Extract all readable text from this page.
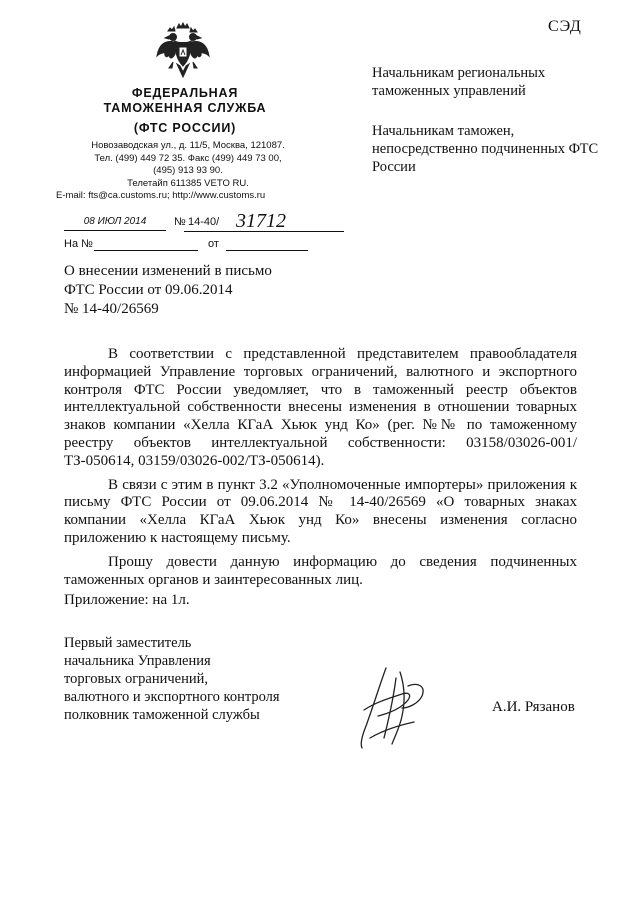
СЭД
ФЕДЕРАЛЬНАЯ
ТАМОЖЕННАЯ СЛУЖБА
(ФТС РОССИИ)
Новозаводская ул., д. 11/5, Москва, 121087.
Тел. (499) 449 72 35. Факс (499) 449 73 00,
(495) 913 93 90.
Телетайп 611385 VETO RU.
E-mail: fts@ca.customs.ru; http://www.customs.ru
08 ИЮЛ 2014	№ 14-40/ 31712
На №	от

Начальникам региональных таможенных управлений

Начальникам таможен, непосредственно подчиненных ФТС России

О внесении изменений в письмо
ФТС России от 09.06.2014
№ 14-40/26569

В соответствии с представленной представителем правообладателя информацией Управление торговых ограничений, валютного и экспортного контроля ФТС России уведомляет, что в таможенный реестр объектов интеллектуальной собственности внесены изменения в отношении товарных знаков компании «Хелла КГаА Хьюк унд Ко» (рег. №№ по таможенному реестру объектов интеллектуальной собственности: 03158/03026-001/ТЗ-050614, 03159/03026-002/ТЗ-050614).

В связи с этим в пункт 3.2 «Уполномоченные импортеры» приложения к письму ФТС России от 09.06.2014 № 14-40/26569 «О товарных знаках компании «Хелла КГаА Хьюк унд Ко» внесены изменения согласно приложению к настоящему письму.

Прошу довести данную информацию до сведения подчиненных таможенных органов и заинтересованных лиц.

Приложение: на 1л.
Первый заместитель
начальника Управления
торговых ограничений,
валютного и экспортного контроля
полковник таможенной службы	А.И. Рязанов
